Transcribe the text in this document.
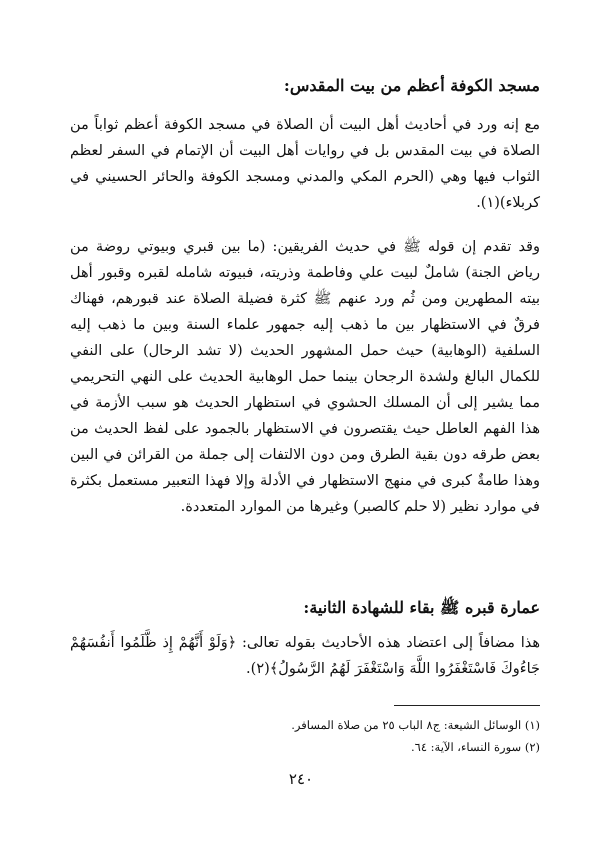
مسجد الكوفة أعظم من بيت المقدس:

مع إنه ورد في أحاديث أهل البيت أن الصلاة في مسجد الكوفة أعظم ثواباً من الصلاة في بيت المقدس بل في روايات أهل البيت أن الإتمام في السفر لعظم الثواب فيها وهي (الحرم المكي والمدني ومسجد الكوفة والحائر الحسيني في كربلاء)(١).

وقد تقدم إن قوله ﷺ في حديث الفريقين: (ما بين قبري وبيوتي روضة من رياض الجنة) شاملٌ لبيت علي وفاطمة وذريته، فبيوته شامله لقبره وقبور أهل بيته المطهرين ومن ثُم ورد عنهم ﷺ كثرة فضيلة الصلاة عند قبورهم، فهناك فرقٌ في الاستظهار بين ما ذهب إليه جمهور علماء السنة وبين ما ذهب إليه السلفية (الوهابية) حيث حمل المشهور الحديث (لا تشد الرحال) على النفي للكمال البالغ ولشدة الرجحان بينما حمل الوهابية الحديث على النهي التحريمي مما يشير إلى أن المسلك الحشوي في استظهار الحديث هو سبب الأزمة في هذا الفهم العاطل حيث يقتصرون في الاستظهار بالجمود على لفظ الحديث من بعض طرقه دون بقية الطرق ومن دون الالتفات إلى جملة من القرائن في البين وهذا طامةٌ كبرى في منهج الاستظهار في الأدلة وإلا فهذا التعبير مستعمل بكثرة في موارد نظير (لا حلم كالصبر) وغيرها من الموارد المتعددة.

عمارة قبره ﷺ بقاء للشهادة الثانية:

هذا مضافاً إلى اعتضاد هذه الأحاديث بقوله تعالى: ﴿وَلَوْ أَنَّهُمْ إِذ ظَّلَمُوا أَنفُسَهُمْ جَاءُوكَ فَاسْتَغْفَرُوا اللَّهَ وَاسْتَغْفَرَ لَهُمُ الرَّسُولُ﴾(٢).

(١) الوسائل الشيعة: ج٨ الباب ٢٥ من صلاة المسافر.

(٢) سورة النساء، الآية: ٦٤.

٢٤٠
